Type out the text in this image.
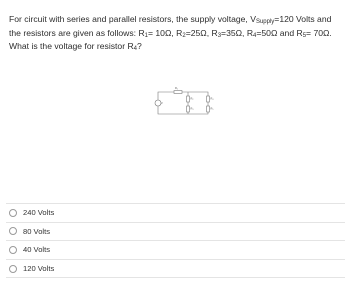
For circuit with series and parallel resistors, the supply voltage, $V_{Supply}=120$ Volts and the resistors are given as follows: $R_1= 10\Omega$, $R_2=25\Omega$, $R_3=35\Omega$, $R_4=50\Omega$ and $R_5= 70\Omega$. What is the voltage for resistor $R_4$?
R₁
V
R₂
R₃
R₄
R₅
240 Volts
80 Volts
40 Volts
120 Volts
